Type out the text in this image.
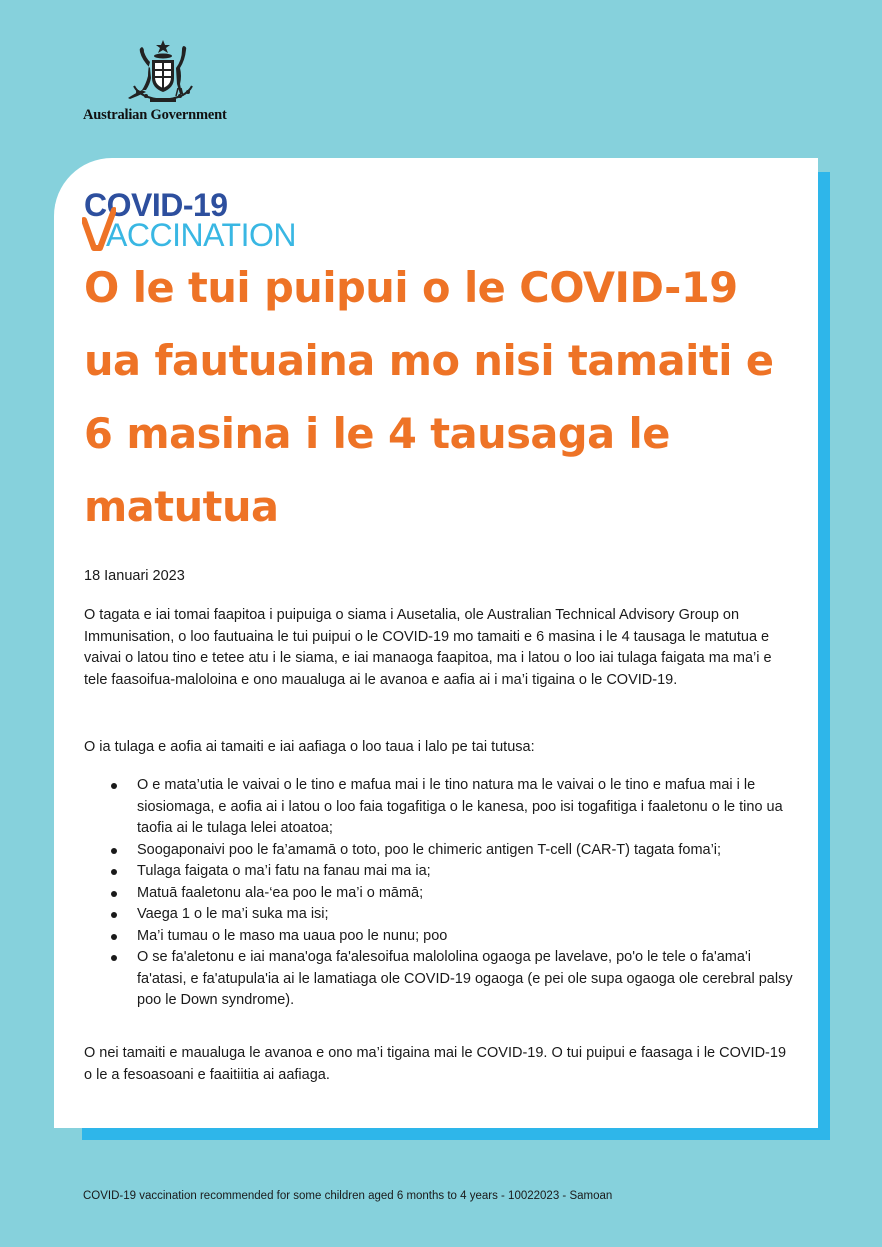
Australian Government
COVID-19
ACCINATION
O le tui puipui o le COVID-19 ua fautuaina mo nisi tamaiti e 6 masina i le 4 tausaga le matutua

18 Ianuari 2023

O tagata e iai tomai faapitoa i puipuiga o siama i Ausetalia, ole Australian Technical Advisory Group on Immunisation, o loo fautuaina le tui puipui o le COVID-19 mo tamaiti e 6 masina i le 4 tausaga le matutua e vaivai o latou tino e tetee atu i le siama, e iai manaoga faapitoa, ma i latou o loo iai tulaga faigata ma ma’i e tele faasoifua-maloloina e ono maualuga ai le avanoa e aafia ai i ma’i tigaina o le COVID-19.

O ia tulaga e aofia ai tamaiti e iai aafiaga o loo taua i lalo pe tai tutusa:

O e mata’utia le vaivai o le tino e mafua mai i le tino natura ma le vaivai o le tino e mafua mai i le siosiomaga, e aofia ai i latou o loo faia togafitiga o le kanesa, poo isi togafitiga i faaletonu o le tino ua taofia ai le tulaga lelei atoatoa;
Soogaponaivi poo le fa’amamā o toto, poo le chimeric antigen T-cell (CAR-T) tagata foma’i;
Tulaga faigata o ma’i fatu na fanau mai ma ia;
Matuā faaletonu ala-‘ea poo le ma’i o māmā;
Vaega 1 o le ma’i suka ma isi;
Ma’i tumau o le maso ma uaua poo le nunu; poo
O se fa'aletonu e iai mana'oga fa'alesoifua malololina ogaoga pe lavelave, po'o le tele o fa'ama'i fa'atasi, e fa'atupula'ia ai le lamatiaga ole COVID-19 ogaoga (e pei ole supa ogaoga ole cerebral palsy poo le Down syndrome).

O nei tamaiti e maualuga le avanoa e ono ma’i tigaina mai le COVID-19. O tui puipui e faasaga i le COVID-19 o le a fesoasoani e faaitiitia ai aafiaga.

COVID-19 vaccination recommended for some children aged 6 months to 4 years - 10022023 - Samoan
